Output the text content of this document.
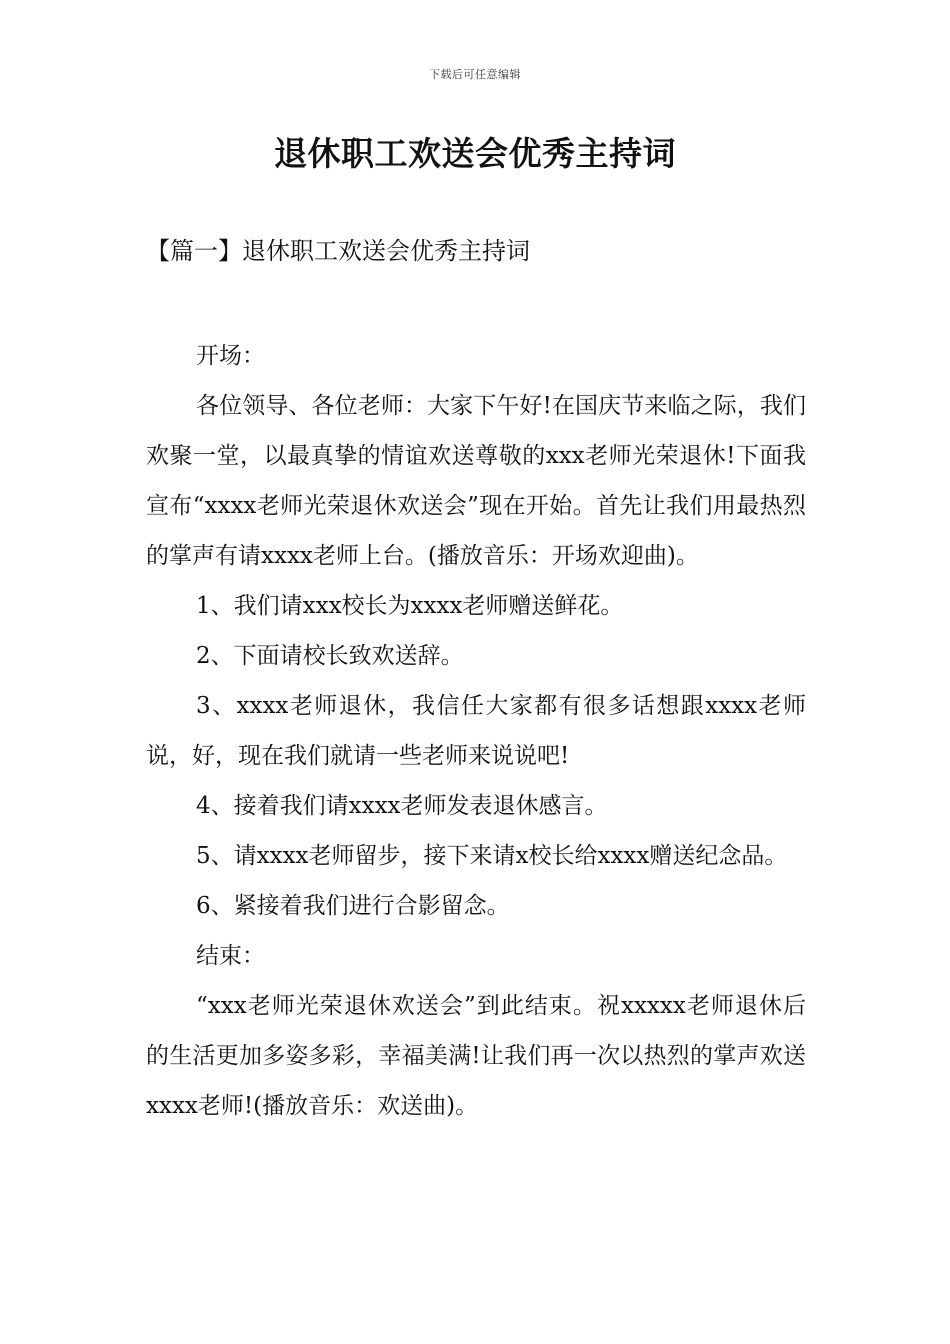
下载后可任意编辑
退休职工欢送会优秀主持词
【篇一】退休职工欢送会优秀主持词

开场：

各位领导、各位老师：大家下午好!在国庆节来临之际，我们欢聚一堂，以最真挚的情谊欢送尊敬的xxx老师光荣退休!下面我宣布“xxxx老师光荣退休欢送会”现在开始。首先让我们用最热烈的掌声有请xxxx老师上台。(播放音乐：开场欢迎曲)。

1、我们请xxx校长为xxxx老师赠送鲜花。

2、下面请校长致欢送辞。

3、xxxx老师退休，我信任大家都有很多话想跟xxxx老师说，好，现在我们就请一些老师来说说吧!

4、接着我们请xxxx老师发表退休感言。

5、请xxxx老师留步，接下来请x校长给xxxx赠送纪念品。

6、紧接着我们进行合影留念。

结束：

“xxx老师光荣退休欢送会”到此结束。祝xxxxx老师退休后的生活更加多姿多彩，幸福美满!让我们再一次以热烈的掌声欢送xxxx老师!(播放音乐：欢送曲)。
